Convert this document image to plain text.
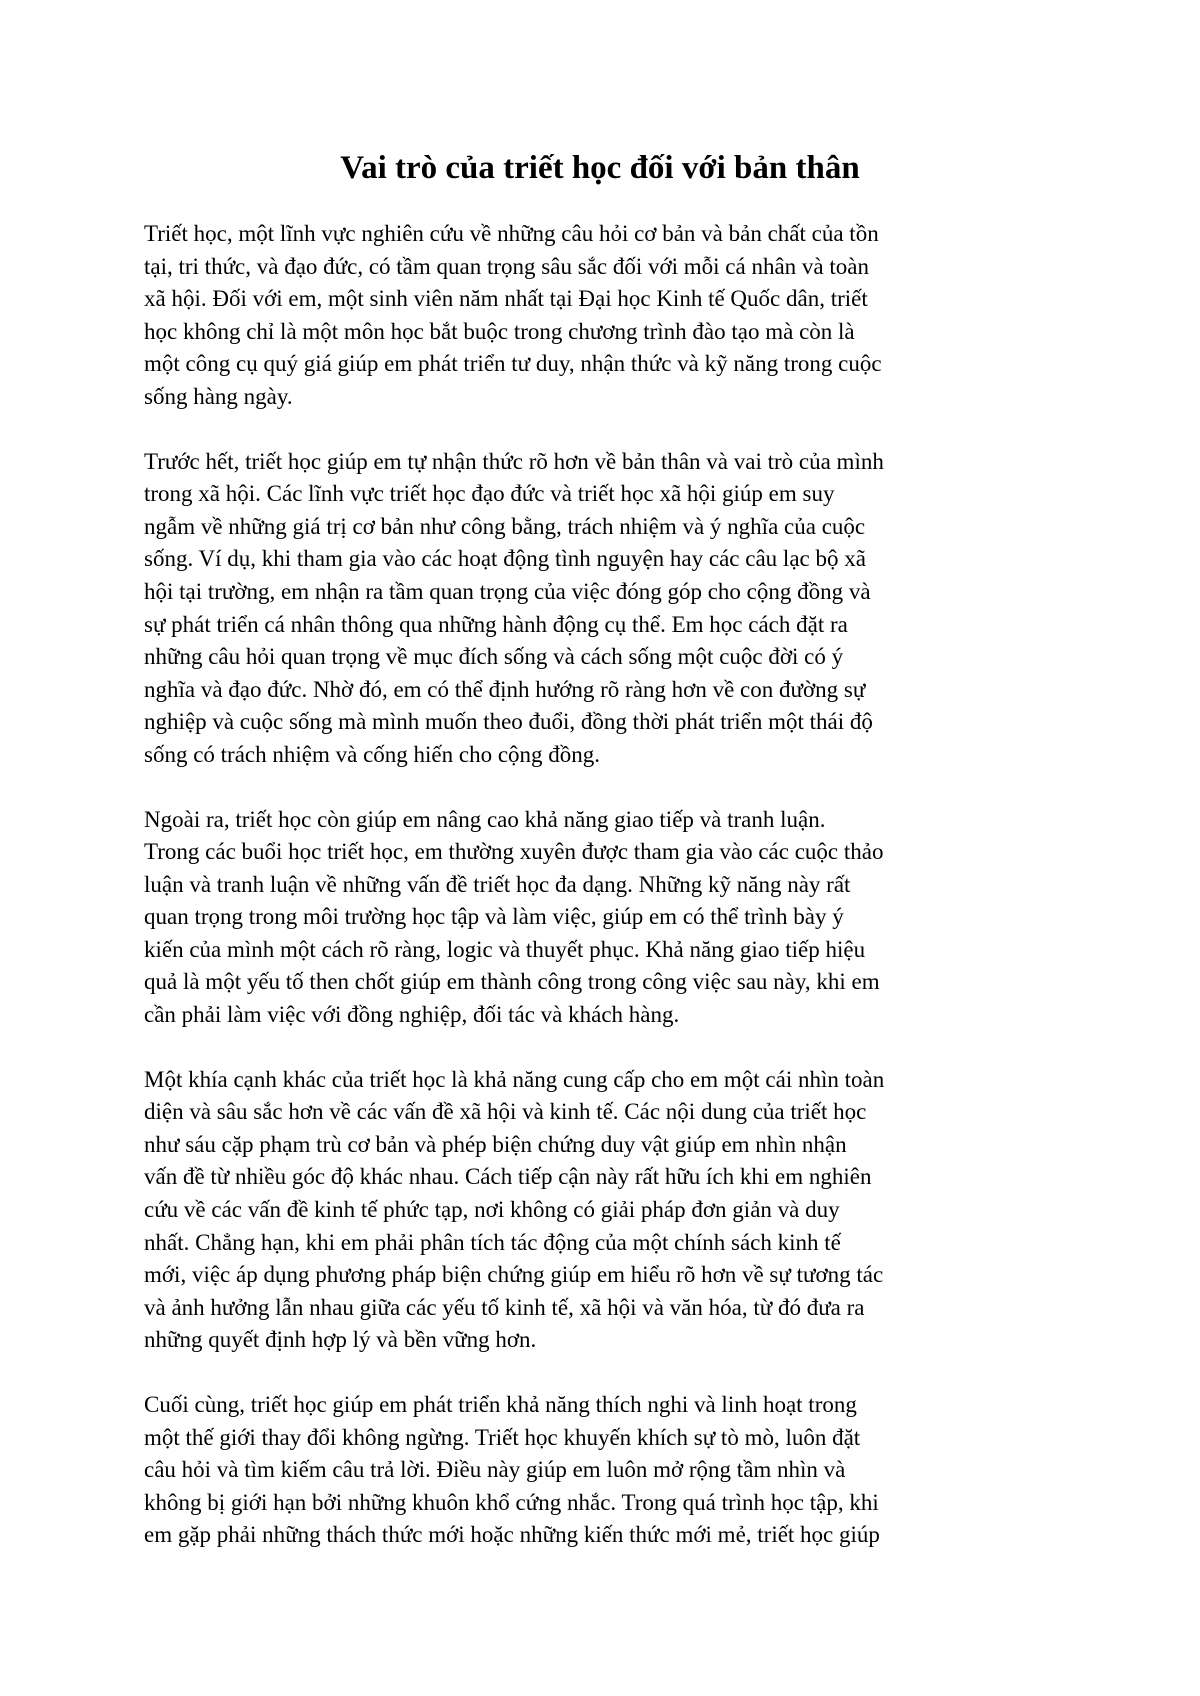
Vai trò của triết học đối với bản thân
Triết học, một lĩnh vực nghiên cứu về những câu hỏi cơ bản và bản chất của tồn
tại, tri thức, và đạo đức, có tầm quan trọng sâu sắc đối với mỗi cá nhân và toàn
xã hội. Đối với em, một sinh viên năm nhất tại Đại học Kinh tế Quốc dân, triết
học không chỉ là một môn học bắt buộc trong chương trình đào tạo mà còn là
một công cụ quý giá giúp em phát triển tư duy, nhận thức và kỹ năng trong cuộc
sống hàng ngày.
Trước hết, triết học giúp em tự nhận thức rõ hơn về bản thân và vai trò của mình
trong xã hội. Các lĩnh vực triết học đạo đức và triết học xã hội giúp em suy
ngẫm về những giá trị cơ bản như công bằng, trách nhiệm và ý nghĩa của cuộc
sống. Ví dụ, khi tham gia vào các hoạt động tình nguyện hay các câu lạc bộ xã
hội tại trường, em nhận ra tầm quan trọng của việc đóng góp cho cộng đồng và
sự phát triển cá nhân thông qua những hành động cụ thể. Em học cách đặt ra
những câu hỏi quan trọng về mục đích sống và cách sống một cuộc đời có ý
nghĩa và đạo đức. Nhờ đó, em có thể định hướng rõ ràng hơn về con đường sự
nghiệp và cuộc sống mà mình muốn theo đuổi, đồng thời phát triển một thái độ
sống có trách nhiệm và cống hiến cho cộng đồng.
Ngoài ra, triết học còn giúp em nâng cao khả năng giao tiếp và tranh luận.
Trong các buổi học triết học, em thường xuyên được tham gia vào các cuộc thảo
luận và tranh luận về những vấn đề triết học đa dạng. Những kỹ năng này rất
quan trọng trong môi trường học tập và làm việc, giúp em có thể trình bày ý
kiến của mình một cách rõ ràng, logic và thuyết phục. Khả năng giao tiếp hiệu
quả là một yếu tố then chốt giúp em thành công trong công việc sau này, khi em
cần phải làm việc với đồng nghiệp, đối tác và khách hàng.
Một khía cạnh khác của triết học là khả năng cung cấp cho em một cái nhìn toàn
diện và sâu sắc hơn về các vấn đề xã hội và kinh tế. Các nội dung của triết học
như sáu cặp phạm trù cơ bản và phép biện chứng duy vật giúp em nhìn nhận
vấn đề từ nhiều góc độ khác nhau. Cách tiếp cận này rất hữu ích khi em nghiên
cứu về các vấn đề kinh tế phức tạp, nơi không có giải pháp đơn giản và duy
nhất. Chẳng hạn, khi em phải phân tích tác động của một chính sách kinh tế
mới, việc áp dụng phương pháp biện chứng giúp em hiểu rõ hơn về sự tương tác
và ảnh hưởng lẫn nhau giữa các yếu tố kinh tế, xã hội và văn hóa, từ đó đưa ra
những quyết định hợp lý và bền vững hơn.
Cuối cùng, triết học giúp em phát triển khả năng thích nghi và linh hoạt trong
một thế giới thay đổi không ngừng. Triết học khuyến khích sự tò mò, luôn đặt
câu hỏi và tìm kiếm câu trả lời. Điều này giúp em luôn mở rộng tầm nhìn và
không bị giới hạn bởi những khuôn khổ cứng nhắc. Trong quá trình học tập, khi
em gặp phải những thách thức mới hoặc những kiến thức mới mẻ, triết học giúp
